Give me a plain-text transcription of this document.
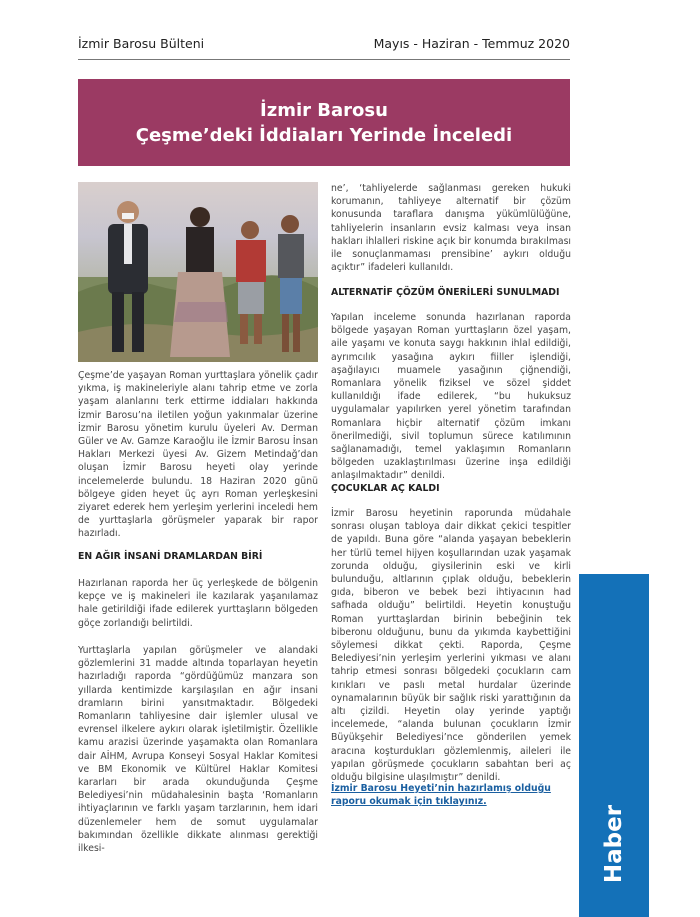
İzmir Barosu Bülteni	Mayıs - Haziran - Temmuz 2020
İzmir Barosu
Çeşme’deki İddiaları Yerinde İnceledi

Çeşme’de yaşayan Roman yurttaşlara yönelik çadır yıkma, iş makineleriyle alanı tahrip etme ve zorla yaşam alanlarını terk ettirme iddiaları hakkında İzmir Barosu’na iletilen yoğun yakınmalar üzerine İzmir Barosu yönetim kurulu üyeleri Av. Derman Güler ve Av. Gamze Karaoğlu ile İzmir Barosu İnsan Hakları Merkezi üyesi Av. Gizem Metindağ’dan oluşan İzmir Barosu heyeti olay yerinde incelemelerde bulundu. 18 Haziran 2020 günü bölgeye giden heyet üç ayrı Roman yerleşkesini ziyaret ederek hem yerleşim yerlerini inceledi hem de yurttaşlarla görüşmeler yaparak bir rapor hazırladı.

EN AĞIR İNSANİ DRAMLARDAN BİRİ

Hazırlanan raporda her üç yerleşkede de bölgenin kepçe ve iş makineleri ile kazılarak yaşanılamaz hale getirildiği ifade edilerek yurttaşların bölgeden göçe zorlandığı belirtildi.

Yurttaşlarla yapılan görüşmeler ve alandaki gözlemlerini 31 madde altında toparlayan heyetin hazırladığı raporda “gördüğümüz manzara son yıllarda kentimizde karşılaşılan en ağır insani dramların birini yansıtmaktadır. Bölgedeki Romanların tahliyesine dair işlemler ulusal ve evrensel ilkelere aykırı olarak işletilmiştir. Özellikle kamu arazisi üzerinde yaşamakta olan Romanlara dair AİHM, Avrupa Konseyi Sosyal Haklar Komitesi ve BM Ekonomik ve Kültürel Haklar Komitesi kararları bir arada okunduğunda Çeşme Belediyesi’nin müdahalesinin başta ‘Romanların ihtiyaçlarının ve farklı yaşam tarzlarının, hem idari düzenlemeler hem de somut uygulamalar bakımından özellikle dikkate alınması gerektiği ilkesi-

ne’, ‘tahliyelerde sağlanması gereken hukuki korumanın, tahliyeye alternatif bir çözüm konusunda taraflara danışma yükümlülüğüne, tahliyelerin insanların evsiz kalması veya insan hakları ihlalleri riskine açık bir konumda bırakılması ile sonuçlanmaması prensibine’ aykırı olduğu açıktır” ifadeleri kullanıldı.

ALTERNATİF ÇÖZÜM ÖNERİLERİ SUNULMADI

Yapılan inceleme sonunda hazırlanan raporda bölgede yaşayan Roman yurttaşların özel yaşam, aile yaşamı ve konuta saygı hakkının ihlal edildiği, ayrımcılık yasağına aykırı fiiller işlendiği, aşağılayıcı muamele yasağının çiğnendiği, Romanlara yönelik fiziksel ve sözel şiddet kullanıldığı ifade edilerek, “bu hukuksuz uygulamalar yapılırken yerel yönetim tarafından Romanlara hiçbir alternatif çözüm imkanı önerilmediği, sivil toplumun sürece katılımının sağlanamadığı, temel yaklaşımın Romanların bölgeden uzaklaştırılması üzerine inşa edildiği anlaşılmaktadır” denildi.

ÇOCUKLAR AÇ KALDI

İzmir Barosu heyetinin raporunda müdahale sonrası oluşan tabloya dair dikkat çekici tespitler de yapıldı. Buna göre “alanda yaşayan bebeklerin her türlü temel hijyen koşullarından uzak yaşamak zorunda olduğu, giysilerinin eski ve kirli bulunduğu, altlarının çıplak olduğu, bebeklerin gıda, biberon ve bebek bezi ihtiyacının had safhada olduğu” belirtildi. Heyetin konuştuğu Roman yurttaşlardan birinin bebeğinin tek biberonu olduğunu, bunu da yıkımda kaybettiğini söylemesi dikkat çekti. Raporda, Çeşme Belediyesi’nin yerleşim yerlerini yıkması ve alanı tahrip etmesi sonrası bölgedeki çocukların cam kırıkları ve paslı metal hurdalar üzerinde oynamalarının büyük bir sağlık riski yarattığının da altı çizildi. Heyetin olay yerinde yaptığı incelemede, “alanda bulunan çocukların İzmir Büyükşehir Belediyesi’nce gönderilen yemek aracına koşturdukları gözlemlenmiş, aileleri ile yapılan görüşmede çocukların sabahtan beri aç olduğu bilgisine ulaşılmıştır” denildi.

İzmir Barosu Heyeti’nin hazırlamış olduğu raporu okumak için tıklayınız.
Haber
